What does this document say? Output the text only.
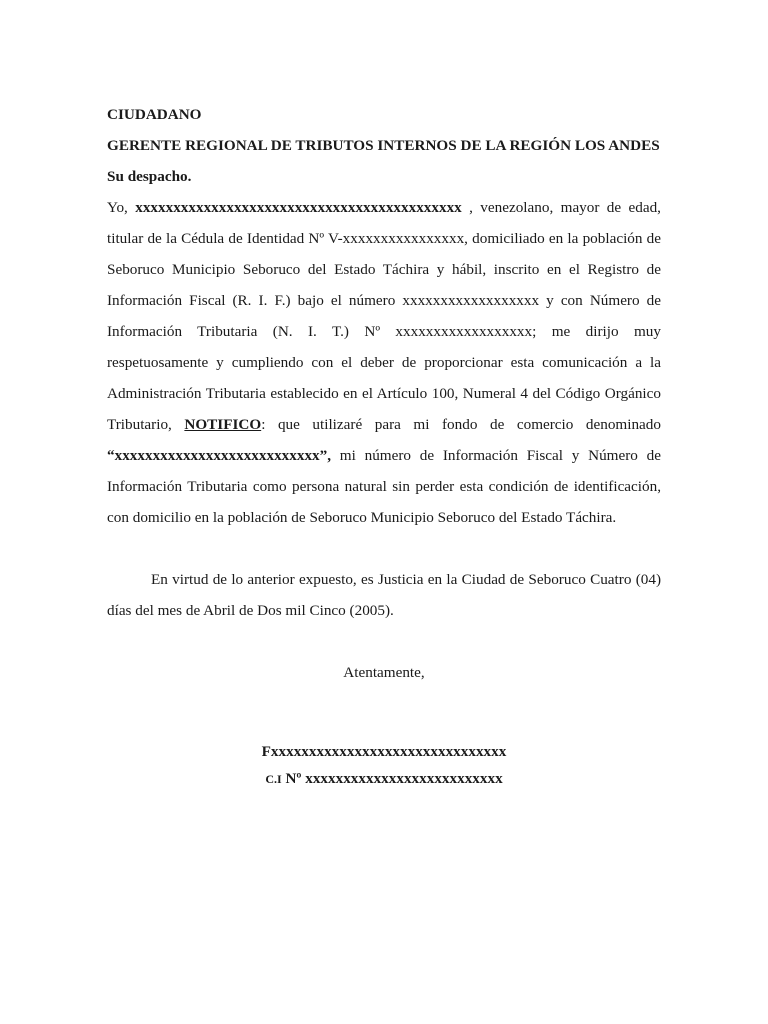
CIUDADANO

GERENTE REGIONAL DE TRIBUTOS INTERNOS DE LA REGIÓN LOS ANDES

Su despacho.

Yo, xxxxxxxxxxxxxxxxxxxxxxxxxxxxxxxxxxxxxxxxxxx , venezolano, mayor de edad, titular de la Cédula de Identidad Nº V-xxxxxxxxxxxxxxxx, domiciliado en la población de Seboruco Municipio Seboruco del Estado Táchira y hábil, inscrito en el Registro de Información Fiscal (R. I. F.) bajo el número xxxxxxxxxxxxxxxxxx y con Número de Información Tributaria (N. I. T.) Nº xxxxxxxxxxxxxxxxxx; me dirijo muy respetuosamente y cumpliendo con el deber de proporcionar esta comunicación a la Administración Tributaria establecido en el Artículo 100, Numeral 4 del Código Orgánico Tributario, NOTIFICO: que utilizaré para mi fondo de comercio denominado “xxxxxxxxxxxxxxxxxxxxxxxxxxx”, mi número de Información Fiscal y Número de Información Tributaria como persona natural sin perder esta condición de identificación, con domicilio en la población de Seboruco Municipio Seboruco del Estado Táchira.

En virtud de lo anterior expuesto, es Justicia en la Ciudad de Seboruco Cuatro (04) días del mes de Abril de Dos mil Cinco (2005).

Atentamente,

Fxxxxxxxxxxxxxxxxxxxxxxxxxxxxxxx

C.I Nº xxxxxxxxxxxxxxxxxxxxxxxxxx
